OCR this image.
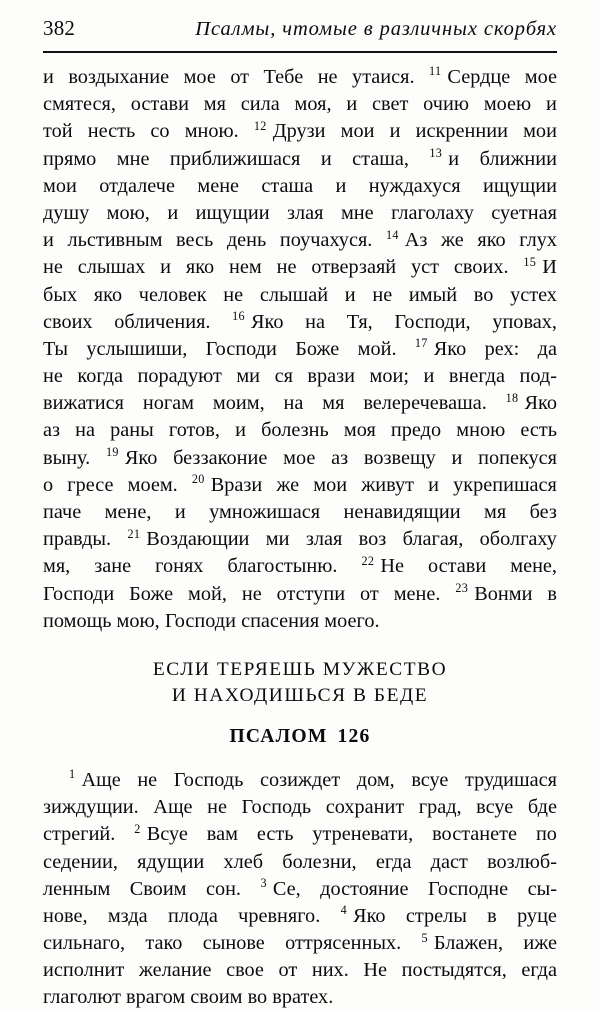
382	Псалмы, чтомые в различных скорбях
и воздыхание мое от Тебе не утаися. $^{11}$ Сердце мое
смятеся, остави мя сила моя, и свет очию моею и
той несть со мною. $^{12}$ Друзи мои и искреннии мои
прямо мне приближишася и сташа, $^{13}$ и ближнии
мои отдалече мене сташа и нуждахуся ищущии
душу мою, и ищущии злая мне глаголаху суетная
и льстивным весь день поучахуся. $^{14}$ Аз же яко глух
не слышах и яко нем не отверзаяй уст своих. $^{15}$ И
бых яко человек не слышай и не имый во устех
своих обличения. $^{16}$ Яко на Тя, Господи, уповах,
Ты услышиши, Господи Боже мой. $^{17}$ Яко рех: да
не когда порадуют ми ся врази мои; и внегда под-
вижатися ногам моим, на мя велеречеваша. $^{18}$ Яко
аз на раны готов, и болезнь моя предо мною есть
выну. $^{19}$ Яко беззаконие мое аз возвещу и попекуся
о гресе моем. $^{20}$ Врази же мои живут и укрепишася
паче мене, и умножишася ненавидящии мя без
правды. $^{21}$ Воздающии ми злая воз благая, оболгаху
мя, зане гонях благостыню. $^{22}$ Не остави мене,
Господи Боже мой, не отступи от мене. $^{23}$ Вонми в
помощь мою, Господи спасения моего.
ЕСЛИ ТЕРЯЕШЬ МУЖЕСТВО
И НАХОДИШЬСЯ В БЕДЕ
ПСАЛОМ 126
$^1$ Аще не Господь созиждет дом, всуе трудишася
зиждущии. Аще не Господь сохранит град, всуе бде
стрегий. $^2$ Всуе вам есть утреневати, востанете по
седении, ядущии хлеб болезни, егда даст возлюб-
ленным Своим сон. $^3$ Се, достояние Господне сы-
нове, мзда плода чревняго. $^4$ Яко стрелы в руце
сильнаго, тако сынове оттрясенных. $^5$ Блажен, иже
исполнит желание свое от них. Не постыдятся, егда
глаголют врагом своим во вратех.
